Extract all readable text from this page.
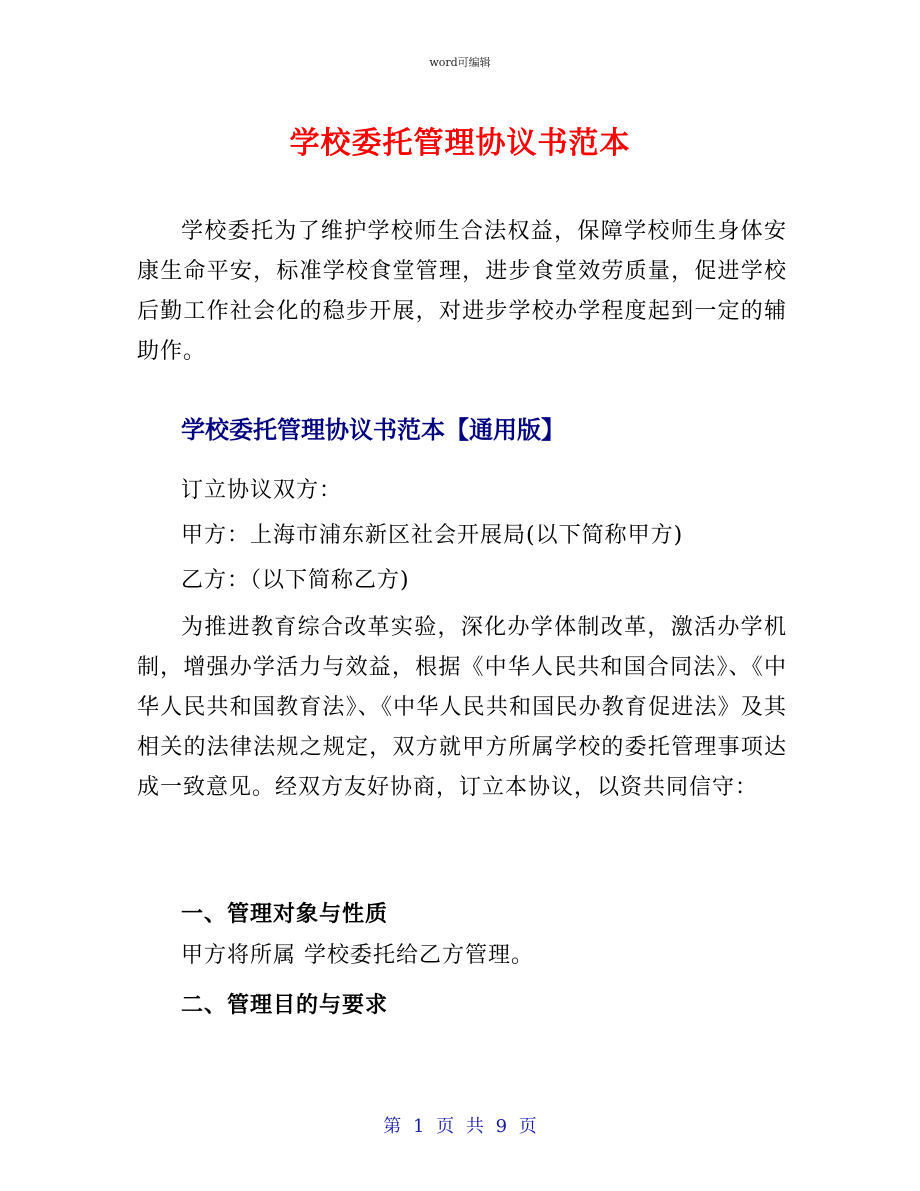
word可编辑
学校委托管理协议书范本
学校委托为了维护学校师生合法权益，保障学校师生身体安康生命平安，标准学校食堂管理，进步食堂效劳质量，促进学校后勤工作社会化的稳步开展，对进步学校办学程度起到一定的辅助作。
学校委托管理协议书范本【通用版】
订立协议双方：
甲方：上海市浦东新区社会开展局(以下简称甲方)
乙方：（以下简称乙方)
为推进教育综合改革实验，深化办学体制改革，激活办学机制，增强办学活力与效益，根据《中华人民共和国合同法》、《中华人民共和国教育法》、《中华人民共和国民办教育促进法》及其相关的法律法规之规定，双方就甲方所属学校的委托管理事项达成一致意见。经双方友好协商，订立本协议，以资共同信守：
一、管理对象与性质
甲方将所属 学校委托给乙方管理。
二、管理目的与要求
第 1 页 共 9 页
